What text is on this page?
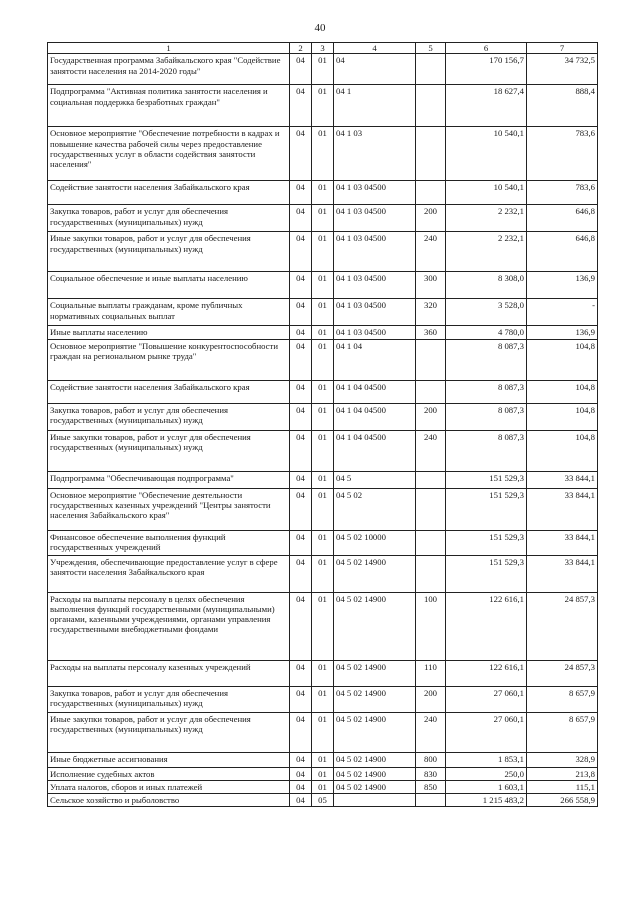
40
1	2	3	4	5	6	7
Государственная программа Забайкальского края "Содействие занятости населения на 2014-2020 годы"	04	01	04		170 156,7	34 732,5
Подпрограмма "Активная политика занятости населения и социальная поддержка безработных граждан"	04	01	04 1		18 627,4	888,4
Основное мероприятие "Обеспечение потребности в кадрах и повышение качества рабочей силы через предоставление государственных услуг в области содействия занятости населения"	04	01	04 1 03		10 540,1	783,6
Содействие занятости населения Забайкальского края	04	01	04 1 03 04500		10 540,1	783,6
Закупка товаров, работ и услуг для обеспечения государственных (муниципальных) нужд	04	01	04 1 03 04500	200	2 232,1	646,8
Иные закупки товаров, работ и услуг для обеспечения государственных (муниципальных) нужд	04	01	04 1 03 04500	240	2 232,1	646,8
Социальное обеспечение и иные выплаты населению	04	01	04 1 03 04500	300	8 308,0	136,9
Социальные выплаты гражданам, кроме публичных нормативных социальных выплат	04	01	04 1 03 04500	320	3 528,0	-
Иные выплаты населению	04	01	04 1 03 04500	360	4 780,0	136,9
Основное мероприятие "Повышение конкурентоспособности граждан на региональном рынке труда"	04	01	04 1 04		8 087,3	104,8
Содействие занятости населения Забайкальского края	04	01	04 1 04 04500		8 087,3	104,8
Закупка товаров, работ и услуг для обеспечения государственных (муниципальных) нужд	04	01	04 1 04 04500	200	8 087,3	104,8
Иные закупки товаров, работ и услуг для обеспечения государственных (муниципальных) нужд	04	01	04 1 04 04500	240	8 087,3	104,8
Подпрограмма "Обеспечивающая подпрограмма"	04	01	04 5		151 529,3	33 844,1
Основное мероприятие "Обеспечение деятельности государственных казенных учреждений "Центры занятости населения Забайкальского края"	04	01	04 5 02		151 529,3	33 844,1
Финансовое обеспечение выполнения функций государственных учреждений	04	01	04 5 02 10000		151 529,3	33 844,1
Учреждения, обеспечивающие предоставление услуг в сфере занятости населения Забайкальского края	04	01	04 5 02 14900		151 529,3	33 844,1
Расходы на выплаты персоналу в целях обеспечения выполнения функций государственными (муниципальными) органами, казенными учреждениями, органами управления государственными внебюджетными фондами	04	01	04 5 02 14900	100	122 616,1	24 857,3
Расходы на выплаты персоналу казенных учреждений	04	01	04 5 02 14900	110	122 616,1	24 857,3
Закупка товаров, работ и услуг для обеспечения государственных (муниципальных) нужд	04	01	04 5 02 14900	200	27 060,1	8 657,9
Иные закупки товаров, работ и услуг для обеспечения государственных (муниципальных) нужд	04	01	04 5 02 14900	240	27 060,1	8 657,9
Иные бюджетные ассигнования	04	01	04 5 02 14900	800	1 853,1	328,9
Исполнение судебных актов	04	01	04 5 02 14900	830	250,0	213,8
Уплата налогов, сборов и иных платежей	04	01	04 5 02 14900	850	1 603,1	115,1
Сельское хозяйство и рыболовство	04	05			1 215 483,2	266 558,9
